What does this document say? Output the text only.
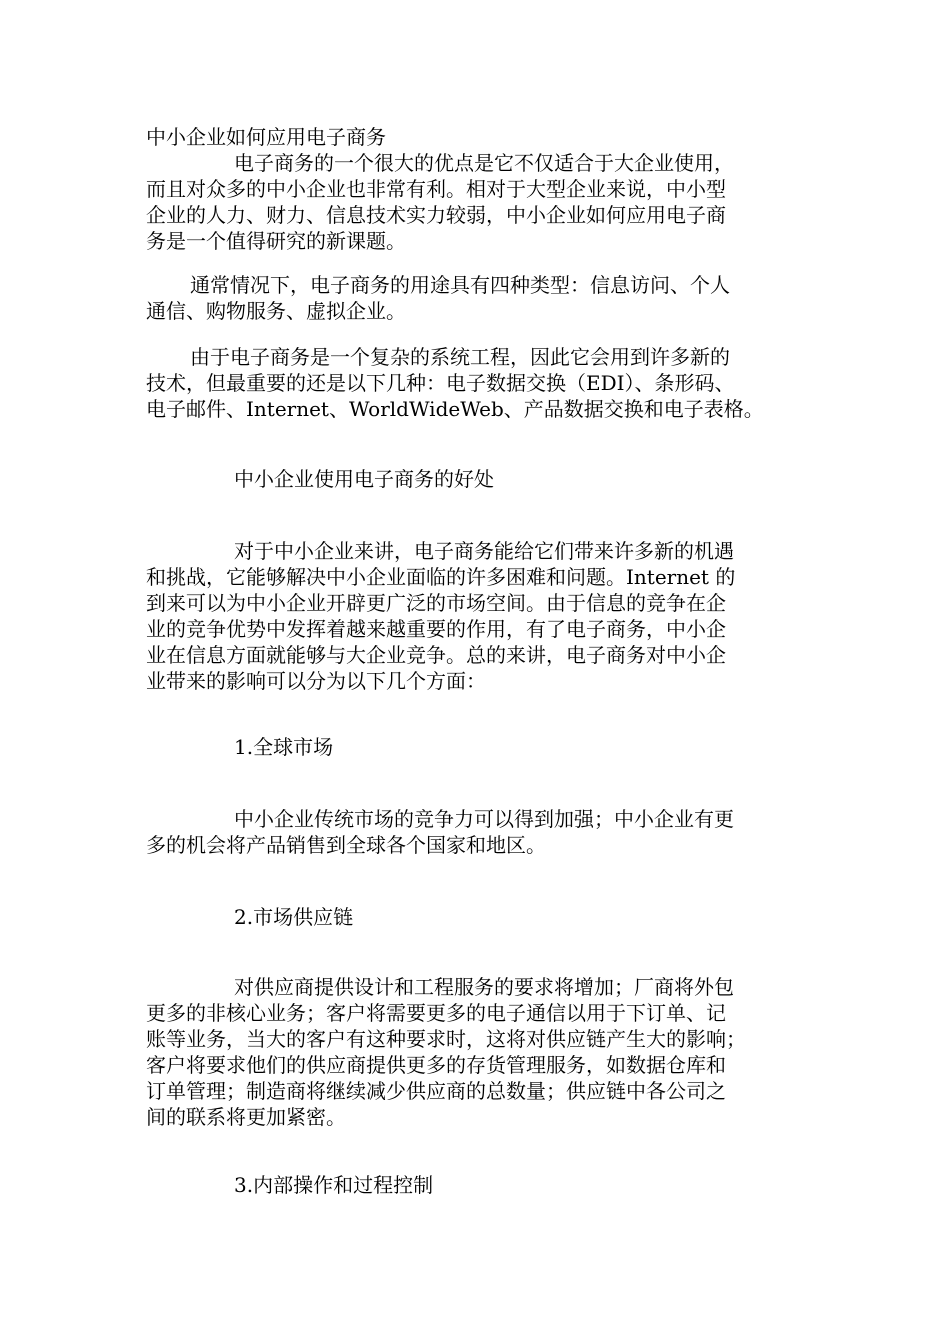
中小企业如何应用电子商务
电子商务的一个很大的优点是它不仅适合于大企业使用，
而且对众多的中小企业也非常有利。相对于大型企业来说，中小型
企业的人力、财力、信息技术实力较弱，中小企业如何应用电子商
务是一个值得研究的新课题。
通常情况下，电子商务的用途具有四种类型：信息访问、个人
通信、购物服务、虚拟企业。
由于电子商务是一个复杂的系统工程，因此它会用到许多新的
技术，但最重要的还是以下几种：电子数据交换（EDI）、条形码、
电子邮件、Internet、WorldWideWeb、产品数据交换和电子表格。
中小企业使用电子商务的好处
对于中小企业来讲，电子商务能给它们带来许多新的机遇
和挑战，它能够解决中小企业面临的许多困难和问题。Internet 的
到来可以为中小企业开辟更广泛的市场空间。由于信息的竞争在企
业的竞争优势中发挥着越来越重要的作用，有了电子商务，中小企
业在信息方面就能够与大企业竞争。总的来讲，电子商务对中小企
业带来的影响可以分为以下几个方面：
1.全球市场
中小企业传统市场的竞争力可以得到加强；中小企业有更
多的机会将产品销售到全球各个国家和地区。
2.市场供应链
对供应商提供设计和工程服务的要求将增加；厂商将外包
更多的非核心业务；客户将需要更多的电子通信以用于下订单、记
账等业务，当大的客户有这种要求时，这将对供应链产生大的影响；
客户将要求他们的供应商提供更多的存货管理服务，如数据仓库和
订单管理；制造商将继续减少供应商的总数量；供应链中各公司之
间的联系将更加紧密。
3.内部操作和过程控制
